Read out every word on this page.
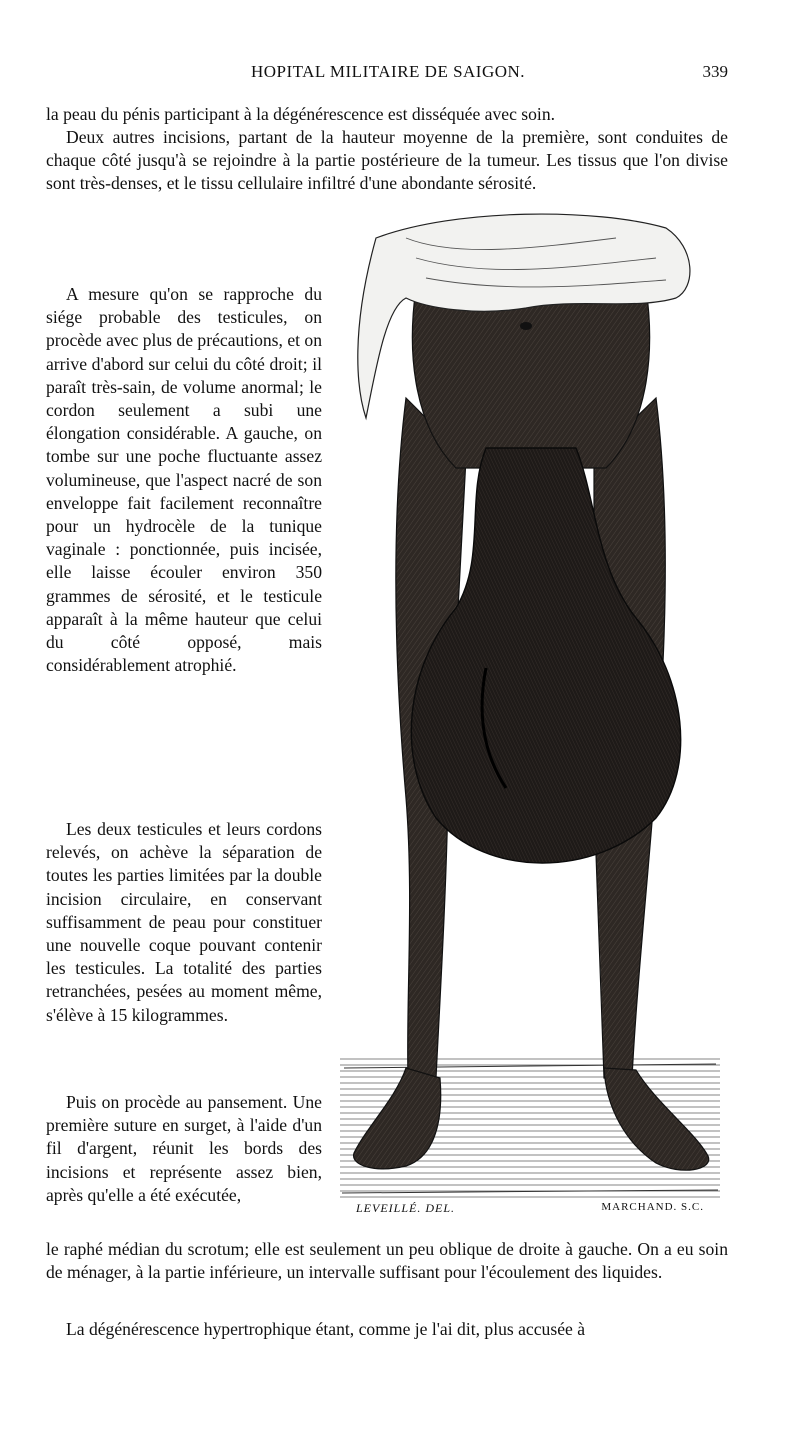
HOPITAL MILITAIRE DE SAIGON.	339

la peau du pénis participant à la dégénérescence est disséquée avec soin.

Deux autres incisions, partant de la hauteur moyenne de la première, sont conduites de chaque côté jusqu'à se rejoindre à la partie postérieure de la tumeur. Les tissus que l'on divise sont très-denses, et le tissu cellulaire infiltré d'une abondante sérosité.

A mesure qu'on se rapproche du siége probable des testicules, on procède avec plus de précautions, et on arrive d'abord sur celui du côté droit; il paraît très-sain, de volume anormal; le cordon seulement a subi une élongation considérable. A gauche, on tombe sur une poche fluctuante assez volumineuse, que l'aspect nacré de son enveloppe fait facilement reconnaître pour un hydrocèle de la tunique vaginale : ponctionnée, puis incisée, elle laisse écouler environ 350 grammes de sérosité, et le testicule apparaît à la même hauteur que celui du côté opposé, mais considérablement atrophié.

Les deux testicules et leurs cordons relevés, on achève la séparation de toutes les parties limitées par la double incision circulaire, en conservant suffisamment de peau pour constituer une nouvelle coque pouvant contenir les testicules. La totalité des parties retranchées, pesées au moment même, s'élève à 15 kilogrammes.

Puis on procède au pansement. Une première suture en surget, à l'aide d'un fil d'argent, réunit les bords des incisions et représente assez bien, après qu'elle a été exécutée,

le raphé médian du scrotum; elle est seulement un peu oblique de droite à gauche. On a eu soin de ménager, à la partie inférieure, un intervalle suffisant pour l'écoulement des liquides.

La dégénérescence hypertrophique étant, comme je l'ai dit, plus accusée à

LEVEILLÉ. DEL.	MARCHAND. S.C.
